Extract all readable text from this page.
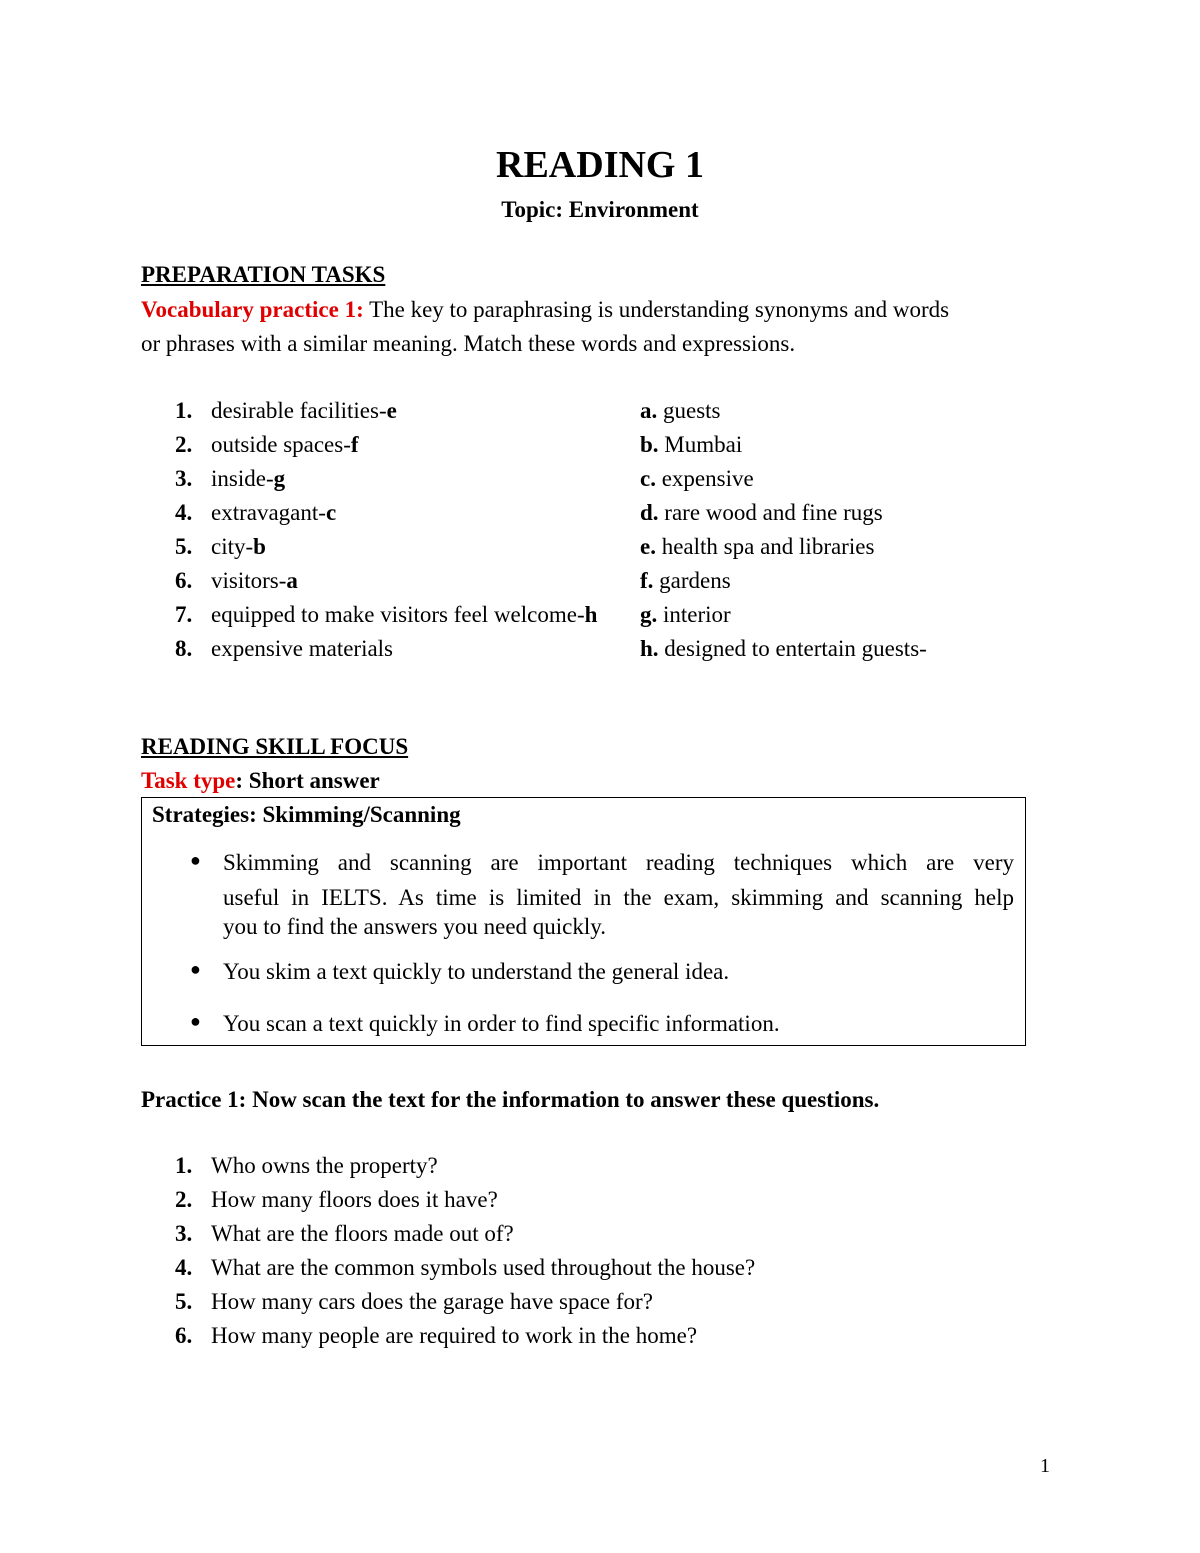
READING 1
Topic: Environment
PREPARATION TASKS
Vocabulary practice 1: The key to paraphrasing is understanding synonyms and words
or phrases with a similar meaning. Match these words and expressions.
1. desirable facilities-e
2. outside spaces-f
3. inside-g
4. extravagant-c
5. city-b
6. visitors-a
7. equipped to make visitors feel welcome-h
8. expensive materials
a. guests
b. Mumbai
c. expensive
d. rare wood and fine rugs
e. health spa and libraries
f. gardens
g. interior
h. designed to entertain guests-
READING SKILL FOCUS
Task type: Short answer
Strategies: Skimming/Scanning
● Skimming and scanning are important reading techniques which are very
useful in IELTS. As time is limited in the exam, skimming and scanning help
you to find the answers you need quickly.
● You skim a text quickly to understand the general idea.
● You scan a text quickly in order to find specific information.
Practice 1: Now scan the text for the information to answer these questions.
1. Who owns the property?
2. How many floors does it have?
3. What are the floors made out of?
4. What are the common symbols used throughout the house?
5. How many cars does the garage have space for?
6. How many people are required to work in the home?
1
